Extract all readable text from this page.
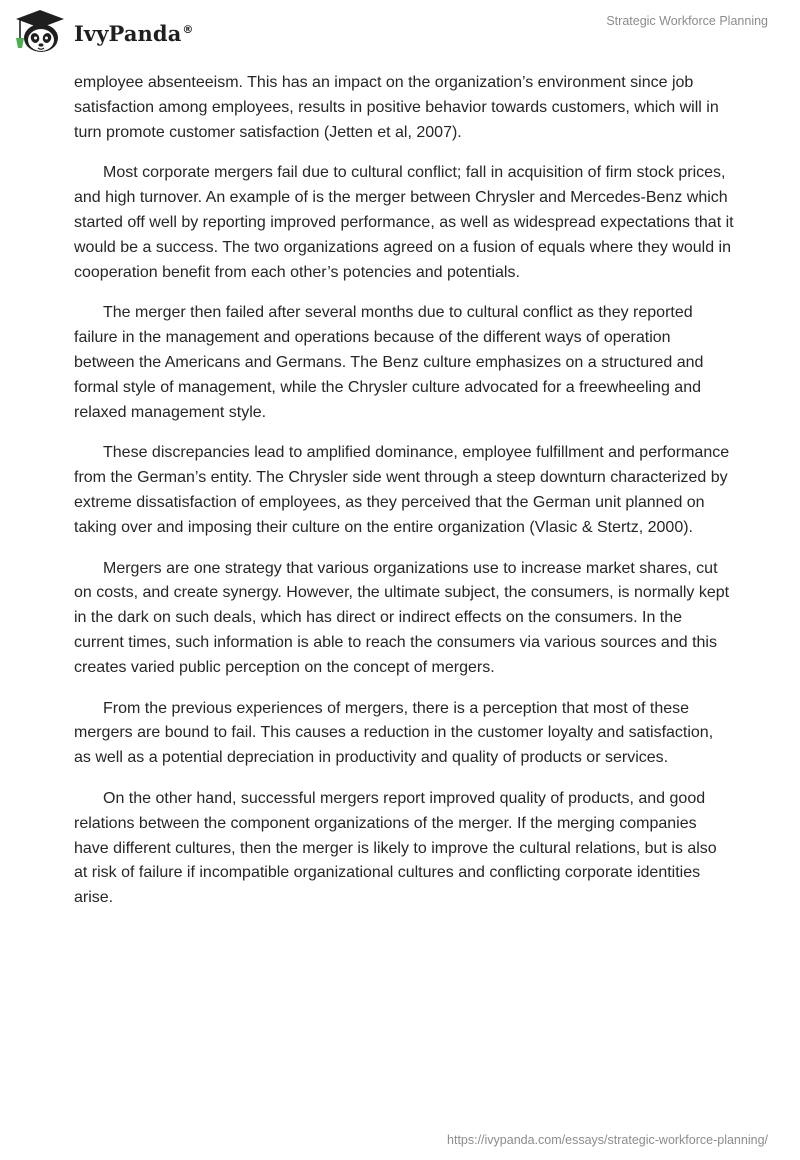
IvyPanda®
Strategic Workforce Planning

employee absenteeism. This has an impact on the organization’s environment since job satisfaction among employees, results in positive behavior towards customers, which will in turn promote customer satisfaction (Jetten et al, 2007).

Most corporate mergers fail due to cultural conflict; fall in acquisition of firm stock prices, and high turnover. An example of is the merger between Chrysler and Mercedes-Benz which started off well by reporting improved performance, as well as widespread expectations that it would be a success. The two organizations agreed on a fusion of equals where they would in cooperation benefit from each other’s potencies and potentials.

The merger then failed after several months due to cultural conflict as they reported failure in the management and operations because of the different ways of operation between the Americans and Germans. The Benz culture emphasizes on a structured and formal style of management, while the Chrysler culture advocated for a freewheeling and relaxed management style.

These discrepancies lead to amplified dominance, employee fulfillment and performance from the German’s entity. The Chrysler side went through a steep downturn characterized by extreme dissatisfaction of employees, as they perceived that the German unit planned on taking over and imposing their culture on the entire organization (Vlasic & Stertz, 2000).

Mergers are one strategy that various organizations use to increase market shares, cut on costs, and create synergy. However, the ultimate subject, the consumers, is normally kept in the dark on such deals, which has direct or indirect effects on the consumers. In the current times, such information is able to reach the consumers via various sources and this creates varied public perception on the concept of mergers.

From the previous experiences of mergers, there is a perception that most of these mergers are bound to fail. This causes a reduction in the customer loyalty and satisfaction, as well as a potential depreciation in productivity and quality of products or services.

On the other hand, successful mergers report improved quality of products, and good relations between the component organizations of the merger. If the merging companies have different cultures, then the merger is likely to improve the cultural relations, but is also at risk of failure if incompatible organizational cultures and conflicting corporate identities arise.

https://ivypanda.com/essays/strategic-workforce-planning/
